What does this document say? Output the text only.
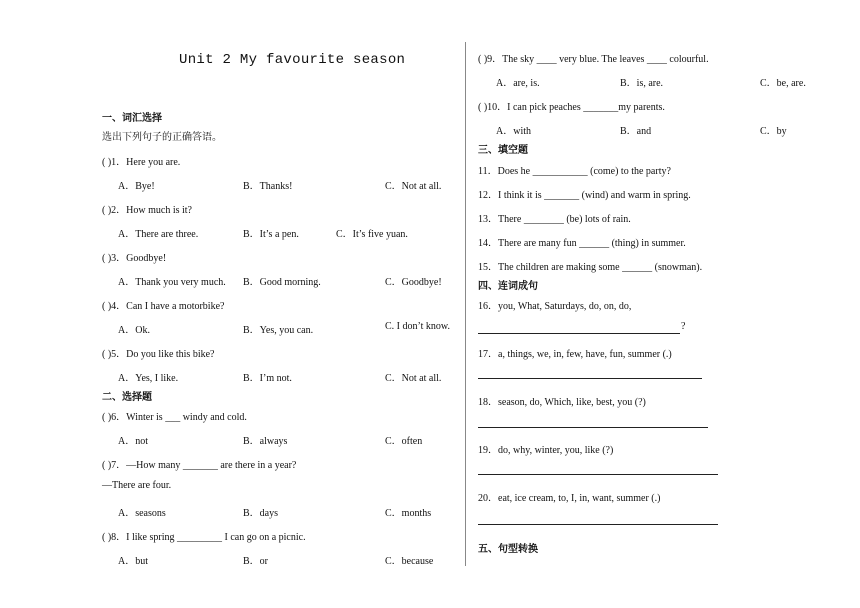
Unit 2 My favourite season
一、词汇选择
选出下列句子的正确答语。
( )1．Here you are.
A．Bye!	B．Thanks!	C．Not at all.
( )2．How much is it?
A．There are three.	B．It’s a pen.	C．It’s five yuan.
( )3．Goodbye!
A．Thank you very much. B．Good morning.	C．Goodbye!
( )4．Can I have a motorbike?
A．Ok.	B．Yes, you can.	C. I don’t know.
( )5．Do you like this bike?
A．Yes, I like.	B．I’m not.	C．Not at all.
二、选择题
( )6．Winter is ___ windy and cold.
A．not	B．always	C．often
( )7．—How many _______ are there in a year?
—There are four.
A．seasons	B．days	C．months
( )8．I like spring _________ I can go on a picnic.
A．but	B．or	C．because
( )9．The sky ____ very blue. The leaves ____ colourful.
A．are, is.	B．is, are.	C．be, are.
( )10．I can pick peaches _______my parents.
A．with	B．and	C．by
三、填空题
11．Does he ___________ (come) to the party?
12．I think it is _______ (wind) and warm in spring.
13．There ________ (be) lots of rain.
14．There are many fun ______ (thing) in summer.
15．The children are making some ______ (snowman).
四、连词成句
16．you, What, Saturdays, do, on, do,
?
17．a, things, we, in, few, have, fun, summer (.)
18．season, do, Which, like, best, you (?)
19．do, why, winter, you, like (?)
20．eat, ice cream, to, I, in, want, summer (.)
五、句型转换
